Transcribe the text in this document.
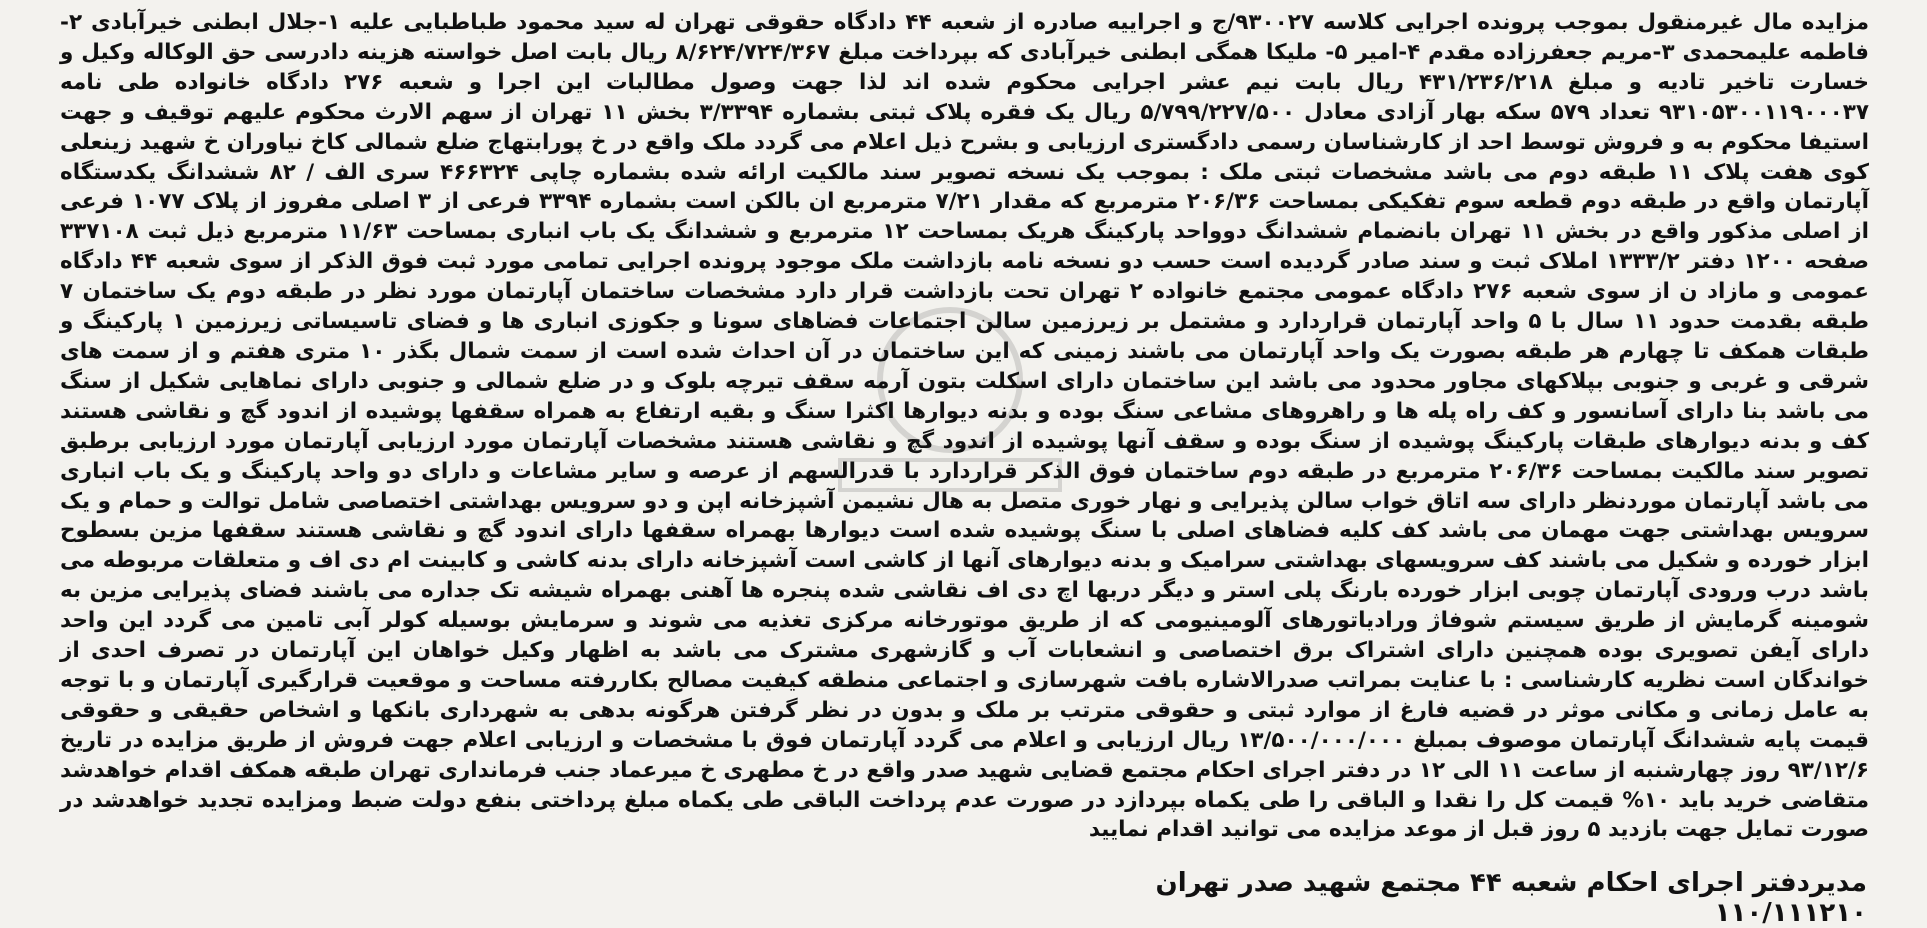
مزایده مال غیرمنقول بموجب پرونده اجرایی کلاسه ۹۳۰۰۲۷/ج و اجراییه صادره از شعبه ۴۴ دادگاه حقوقی تهران له سید محمود طباطبایی علیه ۱-جلال ابطنی خیرآبادی ۲-فاطمه علیمحمدی ۳-مریم جعفرزاده مقدم ۴-امیر ۵- ملیکا همگی ابطنی خیرآبادی که بپرداخت مبلغ ۸/۶۲۴/۷۲۴/۳۶۷ ریال بابت اصل خواسته هزینه دادرسی حق الوکاله وکیل و خسارت تاخیر تادیه و مبلغ ۴۳۱/۲۳۶/۲۱۸ ریال بابت نیم عشر اجرایی محکوم شده اند لذا جهت وصول مطالبات این اجرا و شعبه ۲۷۶ دادگاه خانواده طی نامه ۹۳۱۰۵۳۰۰۱۱۹۰۰۰۳۷ تعداد ۵۷۹ سکه بهار آزادی معادل ۵/۷۹۹/۲۲۷/۵۰۰ ریال یک فقره پلاک ثبتی بشماره ۳/۳۳۹۴ بخش ۱۱ تهران از سهم الارث محکوم علیهم توقیف و جهت استیفا محکوم به و فروش توسط احد از کارشناسان رسمی دادگستری ارزیابی و بشرح ذیل اعلام می گردد ملک واقع در خ پورابتهاج ضلع شمالی کاخ نیاوران خ شهید زینعلی کوی هفت پلاک ۱۱ طبقه دوم می باشد مشخصات ثبتی ملک : بموجب یک نسخه تصویر سند مالکیت ارائه شده بشماره چاپی ۴۶۶۳۲۴ سری الف / ۸۲ ششدانگ یکدستگاه آپارتمان واقع در طبقه دوم قطعه سوم تفکیکی بمساحت ۲۰۶/۳۶ مترمربع که مقدار ۷/۲۱ مترمربع ان بالکن است بشماره ۳۳۹۴ فرعی از ۳ اصلی مفروز از پلاک ۱۰۷۷ فرعی از اصلی مذکور واقع در بخش ۱۱ تهران بانضمام ششدانگ دوواحد پارکینگ هریک بمساحت ۱۲ مترمربع و ششدانگ یک باب انباری بمساحت ۱۱/۶۳ مترمربع ذیل ثبت ۳۳۷۱۰۸ صفحه ۱۲۰۰ دفتر ۱۳۳۳/۲ املاک ثبت و سند صادر گردیده است حسب دو نسخه نامه بازداشت ملک موجود پرونده اجرایی تمامی مورد ثبت فوق الذکر از سوی شعبه ۴۴ دادگاه عمومی و مازاد ن از سوی شعبه ۲۷۶ دادگاه عمومی مجتمع خانواده ۲ تهران تحت بازداشت قرار دارد مشخصات ساختمان آپارتمان مورد نظر در طبقه دوم یک ساختمان ۷ طبقه بقدمت حدود ۱۱ سال با ۵ واحد آپارتمان قراردارد و مشتمل بر زیرزمین سالن اجتماعات فضاهای سونا و جکوزی انباری ها و فضای تاسیساتی زیرزمین ۱ پارکینگ و طبقات همکف تا چهارم هر طبقه بصورت یک واحد آپارتمان می باشند زمینی که این ساختمان در آن احداث شده است از سمت شمال بگذر ۱۰ متری هفتم و از سمت های شرقی و غربی و جنوبی بپلاکهای مجاور محدود می باشد این ساختمان دارای اسکلت بتون آرمه سقف تیرچه بلوک و در ضلع شمالی و جنوبی دارای نماهایی شکیل از سنگ می باشد بنا دارای آسانسور و کف راه پله ها و راهروهای مشاعی سنگ بوده و بدنه دیوارها اکثرا سنگ و بقیه ارتفاع به همراه سقفها پوشیده از اندود گچ و نقاشی هستند کف و بدنه دیوارهای طبقات پارکینگ پوشیده از سنگ بوده و سقف آنها پوشیده از اندود گچ و نقاشی هستند مشخصات آپارتمان مورد ارزیابی آپارتمان مورد ارزیابی برطبق تصویر سند مالکیت بمساحت ۲۰۶/۳۶ مترمربع در طبقه دوم ساختمان فوق الذکر قراردارد با قدرالسهم از عرصه و سایر مشاعات و دارای دو واحد پارکینگ و یک باب انباری می باشد آپارتمان موردنظر دارای سه اتاق خواب سالن پذیرایی و نهار خوری متصل به هال نشیمن آشپزخانه اپن و دو سرویس بهداشتی اختصاصی شامل توالت و حمام و یک سرویس بهداشتی جهت مهمان می باشد کف کلیه فضاهای اصلی با سنگ پوشیده شده است دیوارها بهمراه سقفها دارای اندود گچ و نقاشی هستند سقفها مزین بسطوح ابزار خورده و شکیل می باشند کف سرویسهای بهداشتی سرامیک و بدنه دیوارهای آنها از کاشی است آشپزخانه دارای بدنه کاشی و کابینت ام دی اف و متعلقات مربوطه می باشد درب ورودی آپارتمان چوبی ابزار خورده بارنگ پلی استر و دیگر دربها اچ دی اف نقاشی شده پنجره ها آهنی بهمراه شیشه تک جداره می باشند فضای پذیرایی مزین به شومینه گرمایش از طریق سیستم شوفاژ ورادیاتورهای آلومینیومی که از طریق موتورخانه مرکزی تغذیه می شوند و سرمایش بوسیله کولر آبی تامین می گردد این واحد دارای آیفن تصویری بوده همچنین دارای اشتراک برق اختصاصی و انشعابات آب و گازشهری مشترک می باشد به اظهار وکیل خواهان این آپارتمان در تصرف احدی از خواندگان است نظریه کارشناسی : با عنایت بمراتب صدرالاشاره بافت شهرسازی و اجتماعی منطقه کیفیت مصالح بکاررفته مساحت و موقعیت قرارگیری آپارتمان و با توجه به عامل زمانی و مکانی موثر در قضیه فارغ از موارد ثبتی و حقوقی مترتب بر ملک و بدون در نظر گرفتن هرگونه بدهی به شهرداری بانکها و اشخاص حقیقی و حقوقی قیمت پایه ششدانگ آپارتمان موصوف بمبلغ ۱۳/۵۰۰/۰۰۰/۰۰۰ ریال ارزیابی و اعلام می گردد آپارتمان فوق با مشخصات و ارزیابی اعلام جهت فروش از طریق مزایده در تاریخ ۹۳/۱۲/۶ روز چهارشنبه از ساعت ۱۱ الی ۱۲ در دفتر اجرای احکام مجتمع قضایی شهید صدر واقع در خ مطهری خ میرعماد جنب فرمانداری تهران طبقه همکف اقدام خواهدشد متقاضی خرید باید ۱۰% قیمت کل را نقدا و الباقی را طی یکماه بپردازد در صورت عدم پرداخت الباقی طی یکماه مبلغ پرداختی بنفع دولت ضبط ومزایده تجدید خواهدشد در صورت تمایل جهت بازدید ۵ روز قبل از موعد مزایده می توانید اقدام نمایید

مدیردفتر اجرای احکام شعبه ۴۴ مجتمع شهید صدر تهران
۱۱۰/۱۱۱۲۱۰
